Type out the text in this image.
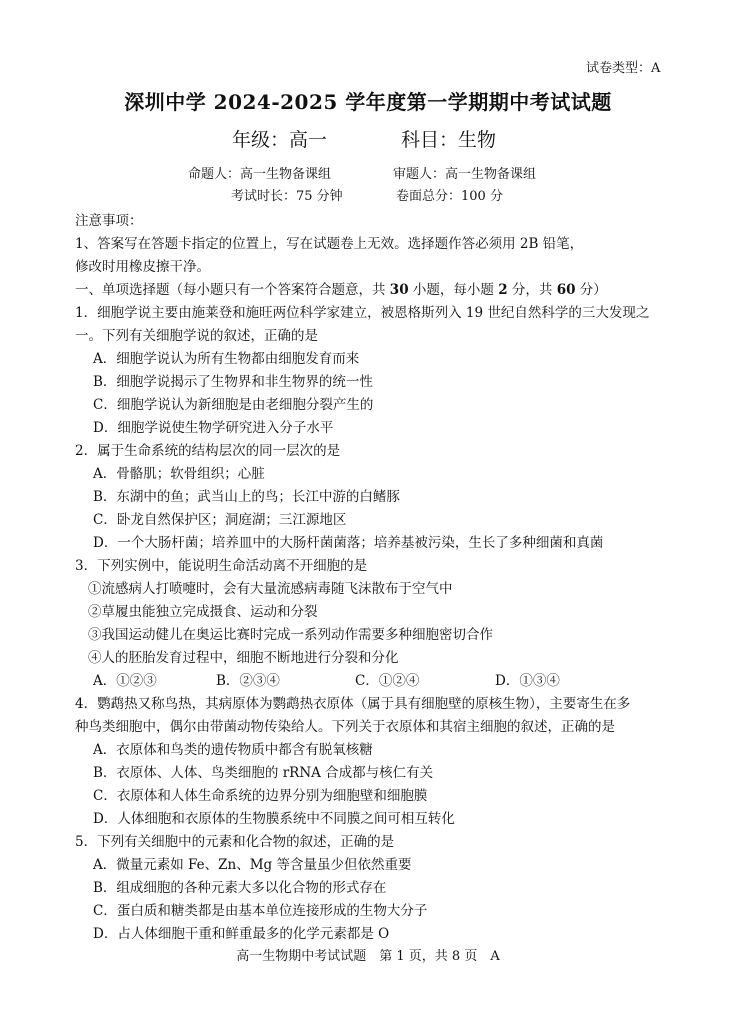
试卷类型：A
深圳中学 2024-2025 学年度第一学期期中考试试题
年级：高一	科目：生物
命题人：高一生物备课组	审题人：高一生物备课组
考试时长：75 分钟	卷面总分：100 分
注意事项：
1、答案写在答题卡指定的位置上，写在试题卷上无效。选择题作答必须用 2B 铅笔，
修改时用橡皮擦干净。
一、单项选择题（每小题只有一个答案符合题意，共 30 小题，每小题 2 分，共 60 分）
1．细胞学说主要由施莱登和施旺两位科学家建立，被恩格斯列入 19 世纪自然科学的三大发现之
一。下列有关细胞学说的叙述，正确的是
A．细胞学说认为所有生物都由细胞发育而来
B．细胞学说揭示了生物界和非生物界的统一性
C．细胞学说认为新细胞是由老细胞分裂产生的
D．细胞学说使生物学研究进入分子水平
2．属于生命系统的结构层次的同一层次的是
A．骨骼肌；软骨组织；心脏
B．东湖中的鱼；武当山上的鸟；长江中游的白鳍豚
C．卧龙自然保护区；洞庭湖；三江源地区
D．一个大肠杆菌；培养皿中的大肠杆菌菌落；培养基被污染，生长了多种细菌和真菌
3．下列实例中，能说明生命活动离不开细胞的是
①流感病人打喷嚏时，会有大量流感病毒随飞沫散布于空气中
②草履虫能独立完成摄食、运动和分裂
③我国运动健儿在奥运比赛时完成一系列动作需要多种细胞密切合作
④人的胚胎发育过程中，细胞不断地进行分裂和分化
A．①②③	B．②③④	C．①②④	D．①③④
4．鹦鹉热又称鸟热，其病原体为鹦鹉热衣原体（属于具有细胞壁的原核生物），主要寄生在多
种鸟类细胞中，偶尔由带菌动物传染给人。下列关于衣原体和其宿主细胞的叙述，正确的是
A．衣原体和鸟类的遗传物质中都含有脱氧核糖
B．衣原体、人体、鸟类细胞的 rRNA 合成都与核仁有关
C．衣原体和人体生命系统的边界分别为细胞壁和细胞膜
D．人体细胞和衣原体的生物膜系统中不同膜之间可相互转化
5．下列有关细胞中的元素和化合物的叙述，正确的是
A．微量元素如 Fe、Zn、Mg 等含量虽少但依然重要
B．组成细胞的各种元素大多以化合物的形式存在
C．蛋白质和糖类都是由基本单位连接形成的生物大分子
D．占人体细胞干重和鲜重最多的化学元素都是 O
高一生物期中考试试题　第 1 页，共 8 页　A
